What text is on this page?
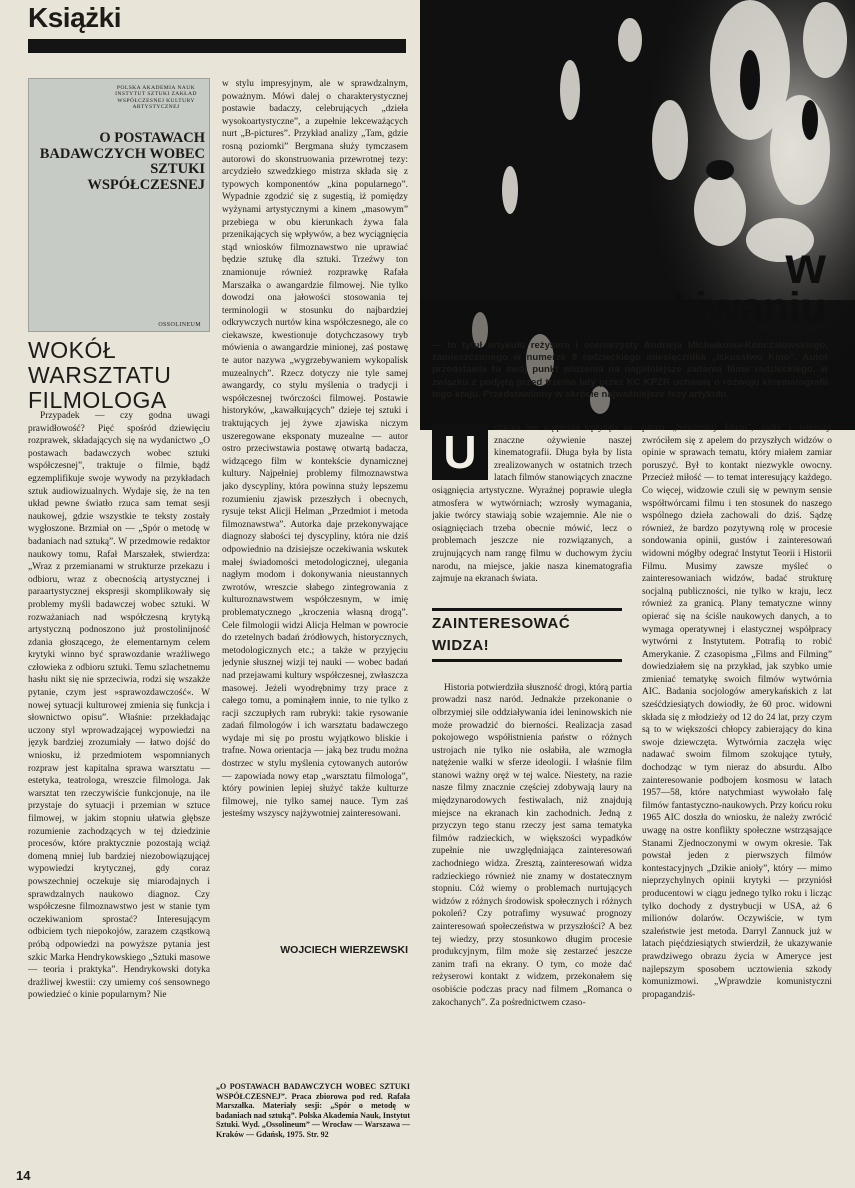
Książki
POLSKA AKADEMIA NAUK INSTYTUT SZTUKI ZAKŁAD WSPÓŁCZESNEJ KULTURY ARTYSTYCZNEJ
O POSTAWACH BADAWCZYCH WOBEC SZTUKI WSPÓŁCZESNEJ
OSSOLINEUM
WOKÓŁ WARSZTATU FILMOLOGA

Przypadek — czy godna uwagi prawidłowość? Pięć spośród dziewięciu rozprawek, składających się na wydanictwo „O postawach badawczych wobec sztuki współczesnej”, traktuje o filmie, bądź egzemplifikuje swoje wywody na przykładach sztuk audiowizualnych. Wydaje się, że na ten układ pewne światło rzuca sam temat sesji naukowej, gdzie wszystkie te teksty zostały wygłoszone. Brzmiał on — „Spór o metodę w badaniach nad sztuką”. W przedmowie redaktor naukowy tomu, Rafał Marszałek, stwierdza: „Wraz z przemianami w strukturze przekazu i odbioru, wraz z obecnością artystycznej i paraartystycznej ekspresji skomplikowały się problemy myśli badawczej wobec sztuki. W rozważaniach nad współczesną krytyką artystyczną podnoszono już prostoliniјność zdania głoszącego, że elementarnym celem krytyki winno być sprawozdanie wrażliwego człowieka z odbioru sztuki. Temu szlachetnemu hasłu nikt się nie sprzeciwia, rodzi się wszakże pytanie, czym jest »sprawozdawczość«. W nowej sytuacji kulturowej zmienia się funkcja i słownictwo opisu”. Właśnie: przekładając uczony styl wprowadzającej wypowiedzi na język bardziej zrozumiały — łatwo dojść do wniosku, iż przedmiotem wspomnianych rozpraw jest kapitalna sprawa warsztatu — estetyka, teatrologa, wreszcie filmologa. Jak warsztat ten rzeczywiście funkcjonuje, na ile przystaje do sytuacji i przemian w sztuce filmowej, w jakim stopniu ułatwia głębsze rozumienie zachodzących w tej dziedzinie procesów, które praktycznie pozostają wciąż domeną mniej lub bardziej niezobowiązującej wypowiedzi krytycznej, gdy coraz powszechniej oczekuje się miarodajnych i sprawdzalnych naukowo diagnoz. Czy współczesne filmoznawstwo jest w stanie tym oczekiwaniom sprostać? Interesującym odbiciem tych niepokojów, zarazem cząstkową próbą odpowiedzi na powyższe pytania jest szkic Marka Hendrykowskiego „Sztuki masowe — teoria i praktyka”. Hendrykowski dotyka drażliwej kwestii: czy umiemy coś sensownego powiedzieć o kinie popularnym? Nie

w stylu impresyjnym, ale w sprawdzalnym, poważnym. Mówi dalej o charakterystycznej postawie badaczy, celebrujących „dzieła wysokoartystyczne”, a zupełnie lekceważących nurt „B-pictures”. Przykład analizy „Tam, gdzie rosną poziomki” Bergmana służy tymczasem autorowi do skonstruowania przewrotnej tezy: arcydzieło szwedzkiego mistrza składa się z typowych komponentów „kina popularnego”. Wypadnie zgodzić się z sugestią, iż pomiędzy wyżynami artystycznymi a kinem „masowym” przebiega w obu kierunkach żywa fala przenikających się wpływów, a bez wyciągnięcia stąd wniosków filmoznawstwo nie uprawiać będzie sztukę dla sztuki. Trzeźwy ton znamionuje również rozprawkę Rafała Marszałka o awangardzie filmowej. Nie tylko dowodzi ona jałowości stosowania tej terminologii w stosunku do najbardziej odkrywczych nurtów kina współczesnego, ale co ciekawsze, kwestionuje dotychczasowy tryb mówienia o awangardzie minionej, zaś postawę te autor nazywa „wygrzebywaniem wykopalisk muzealnych”. Rzecz dotyczy nie tyle samej awangardy, co stylu myślenia o tradycji i współczesnej twórczości filmowej. Postawie historyków, „kawałkujących” dzieje tej sztuki i traktujących jej żywe zjawiska niczym uszeregowane eksponaty muzealne — autor ostro przeciwstawia postawę otwartą badacza, widzącego film w kontekście dynamicznej kultury. Najpełniej problemy filmoznawstwa jako dyscypliny, która powinna stuży lepszemu rozumieniu zjawisk przeszłych i obecnych, rysuje tekst Alicji Helman „Przedmiot i metoda filmoznawstwa”. Autorka daje przekonywające diagnozy słabości tej dyscypliny, która nie dziś odpowiednio na dzisiejsze oczekiwania wskutek małej świadomości metodologicznej, ulegania nagłym modom i dokonywania nieustannych zwrotów, wreszcie słabego zintegrowania z kulturoznawstwem współczesnym, w imię problematycznego „kroczenia własną drogą”. Cele filmologii widzi Alicja Helman w powrocie do rzetelnych badań źródłowych, historycznych, metodologicznych etc.; a także w przyjęciu jedynie słusznej wizji tej nauki — wobec badań nad przejawami kultury współczesnej, zwłaszcza masowej. Jeżeli wyodrębnimy trzy prace z całego tomu, a pominąłem innie, to nie tylko z racji szczupłych ram rubryki: takie rysowanie zadań filmologów i ich warsztatu badawczego wydaje mi się po prostu wyjątkowo bliskie i trafne. Nowa orientacja — jaką bez trudu można dostrzec w stylu myślenia cytowanych autorów — zapowiada nowy etap „warsztatu filmologa”, który powinien lepiej służyć także kulturze filmowej, nie tylko samej nauce. Tym zaś jesteśmy wszyscy najżywotniej zainteresowani.

WOJCIECH WIERZEWSKI
„O POSTAWACH BADAWCZYCH WOBEC SZTUKI WSPÓŁCZESNEJ”. Praca zbiorowa pod red. Rafała Marszałka. Materiały sesji: „Spór o metodę w badaniach nad sztuką”. Polska Akademia Nauk, Instytut Sztuki. Wyd. „Ossolineum” — Wrocław — Warszawa — Kraków — Gdańsk, 1975. Str. 92
14
w
poszukiwaniu
— to tytuł artykułu reżysera i scenarzysty Andrieja Michałkowa-Konczałowskiego, zamieszczonego w numerze 9 radzieckiego miesięcznika „Iskusstwo Kino”. Autor przedstawia tu swój punkt widzenia na najpilniejsze zadania filmu radzieckiego, w związku z podjętą przed trzema laty przez KC KPZR uchwałą o rozwoju kinematografii tego kraju. Przedstawiamy w skrócie najważniejsze tezy artykułu.
U	chwała bez wątpienia wpłynęła na znaczne ożywienie naszej kinematografii. Długa była by lista zrealizowanych w ostatnich trzech latach filmów stanowiących znaczne osiągnięcia artystyczne. Wyraźnej poprawie uległa atmosfera w wytwórniach; wzrosły wymagania, jakie twórcy stawiają sobie wzajemnie. Ale nie o osiągnięciach trzeba obecnie mówić, lecz o problemach jeszcze nie rozwiązanych, a zrujnujących nam rangę filmu w duchowym życiu narodu, na miejsce, jakie nasza kinematografia zajmuje na ekranach świata.
ZAINTERESOWAĆ WIDZA!

Historia potwierdziła słuszność drogi, którą partia prowadzi nasz naród. Jednakże przekonanie o olbrzymiej sile oddziaływania idei leninowskich nie może prowadzić do bierności. Realizacja zasad pokojowego współistnienia państw o różnych ustrojach nie tylko nie osłabiła, ale wzmogła natężenie walki w sferze ideologii. I właśnie film stanowi ważny oręż w tej walce. Niestety, na razie nasze filmy znacznie częściej zdobywają laury na międzynarodowych festiwalach, niż znajdują miejsce na ekranach kin zachodnich. Jedną z przyczyn tego stanu rzeczy jest sama tematyka filmów radzieckich, w większości wypadków zupełnie nie uwzględniająca zainteresowań zachodniego widza. Zresztą, zainteresowań widza radzieckiego również nie znamy w dostatecznym stopniu. Cóż wiemy o problemach nurtujących widzów z różnych środowisk społecznych i różnych pokoleń? Czy potrafimy wysuwać prognozy zainteresowań społeczeństwa w przyszłości? A bez tej wiedzy, przy stosunkowo długim procesie produkcyjnym, film może się zestarzeć jeszcze zanim trafi na ekrany. O tym, co może dać reżyserowi kontakt z widzem, przekonałem się osobiście podczas pracy nad filmem „Romanca o zakochanych”. Za pośrednictwem czaso-

pisma „Sowietskij Ekran”, radia i telewizji zwróciłem się z apelem do przyszłych widzów o opinie w sprawach tematu, który miałem zamiar poruszyć. Był to kontakt niezwykle owocny. Przecież miłość — to temat interesujący każdego. Co więcej, widzowie czuli się w pewnym sensie współtwórcami filmu i ten stosunek do naszego wspólnego dzieła zachowali do dziś. Sądzę również, że bardzo pozytywną rolę w procesie sondowania opinii, gustów i zainteresowań widowni mógłby odegrać Instytut Teorii i Historii Filmu. Musimy zawsze myśleć o zainteresowaniach widzów, badać strukturę socjalną publiczności, nie tylko w kraju, lecz również za granicą. Plany tematyczne winny opierać się na ściśle naukowych danych, a to wymaga operatywnej i elastycznej współpracy wytwórni z Instytutem. Potrafią to robić Amerykanie. Z czasopisma „Films and Filming” dowiedziałem się na przykład, jak szybko umie zmieniać tematykę swoich filmów wytwórnia AIC. Badania socjologów amerykańskich z lat sześćdziesiątych dowiodły, że 60 proc. widowni składa się z młodzieży od 12 do 24 lat, przy czym są to w większości chłopcy zabierający do kina swoje dziewczęta. Wytwórnia zaczęła więc nadawać swoim filmom szokujące tytuły, dochodząc w tym nieraz do absurdu. Albo zainteresowanie podbojem kosmosu w latach 1957—58, które natychmiast wywołało falę filmów fantastyczno-naukowych. Przy końcu roku 1965 AIC doszła do wniosku, że należy zwrócić uwagę na ostre konflikty społeczne wstrząsające Stanami Zjednoczonymi w owym okresie. Tak powstał jeden z pierwszych filmów kontestacyjnych „Dzikie anioły”, który — mimo nieprzychylnych opinii krytyki — przyniósł producentowi w ciągu jednego tylko roku i licząc tylko dochody z dystrybucji w USA, aż 6 milionów dolarów. Oczywiście, w tym szaleństwie jest metoda. Darryl Zannuck już w latach pięćdziesiątych stwierdził, że ukazywanie prawdziwego obrazu życia w Ameryce jest najlepszym sposobem ucztowienia szkody komunizmowi. „Wprawdzie komunistyczni propagandziś-
